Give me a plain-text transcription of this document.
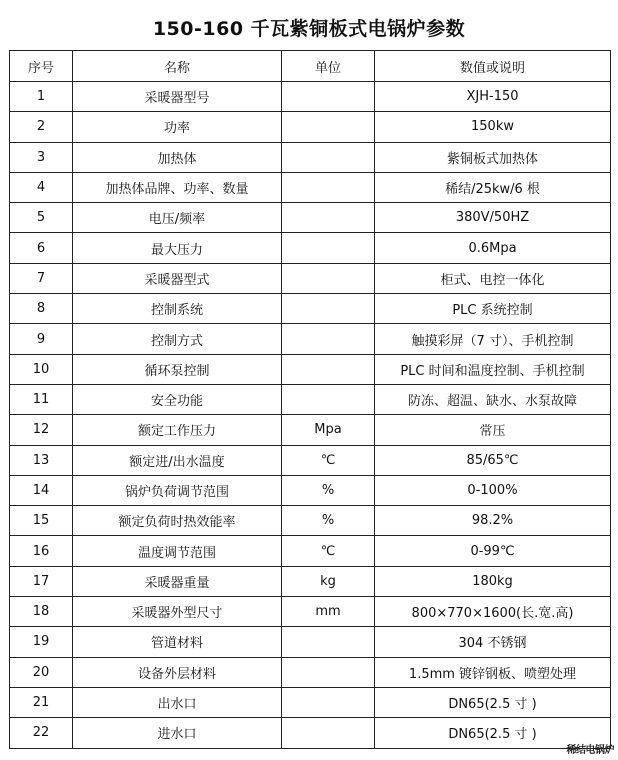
150-160 千瓦紫铜板式电锅炉参数
序号	名称	单位	数值或说明
1	采暖器型号		XJH-150
2	功率		150kw
3	加热体		紫铜板式加热体
4	加热体品牌、功率、数量		稀结/25kw/6 根
5	电压/频率		380V/50HZ
6	最大压力		0.6Mpa
7	采暖器型式		柜式、电控一体化
8	控制系统		PLC 系统控制
9	控制方式		触摸彩屏（7 寸）、手机控制
10	循环泵控制		PLC 时间和温度控制、手机控制
11	安全功能		防冻、超温、缺水、水泵故障
12	额定工作压力	Mpa	常压
13	额定进/出水温度	℃	85/65℃
14	锅炉负荷调节范围	%	0-100%
15	额定负荷时热效能率	%	98.2%
16	温度调节范围	℃	0-99℃
17	采暖器重量	kg	180kg
18	采暖器外型尺寸	mm	800×770×1600(长.宽.高)
19	管道材料		304 不锈钢
20	设备外层材料		1.5mm 镀锌钢板、喷塑处理
21	出水口		DN65(2.5 寸 )
22	进水口		DN65(2.5 寸 )
稀结电锅炉
